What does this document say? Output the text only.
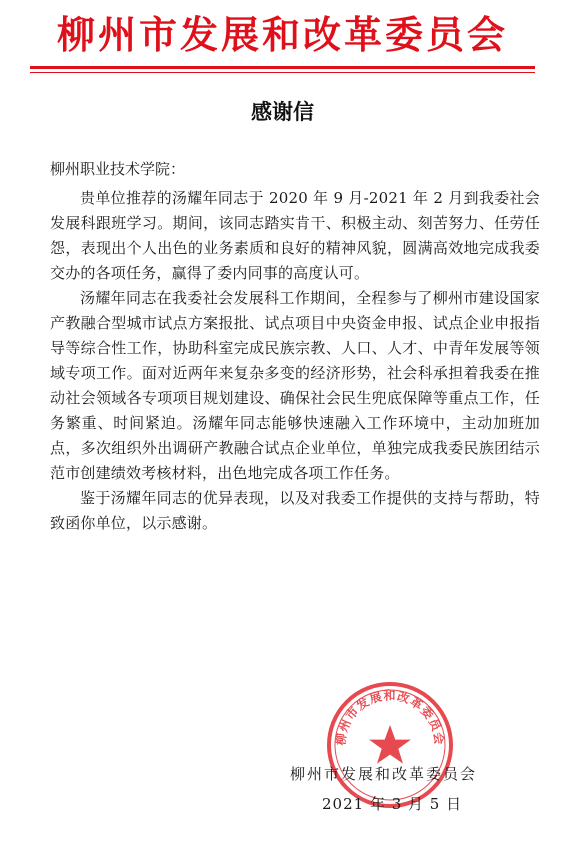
柳州市发展和改革委员会
感谢信

柳州职业技术学院：

贵单位推荐的汤耀年同志于 2020 年 9 月-2021 年 2 月到我委社会发展科跟班学习。期间，该同志踏实肯干、积极主动、刻苦努力、任劳任怨，表现出个人出色的业务素质和良好的精神风貌，圆满高效地完成我委交办的各项任务，赢得了委内同事的高度认可。

汤耀年同志在我委社会发展科工作期间，全程参与了柳州市建设国家产教融合型城市试点方案报批、试点项目中央资金申报、试点企业申报指导等综合性工作，协助科室完成民族宗教、人口、人才、中青年发展等领域专项工作。面对近两年来复杂多变的经济形势，社会科承担着我委在推动社会领域各专项项目规划建设、确保社会民生兜底保障等重点工作，任务繁重、时间紧迫。汤耀年同志能够快速融入工作环境中，主动加班加点，多次组织外出调研产教融合试点企业单位，单独完成我委民族团结示范市创建绩效考核材料，出色地完成各项工作任务。

鉴于汤耀年同志的优异表现，以及对我委工作提供的支持与帮助，特致函你单位，以示感谢。

柳州市发展和改革委员会

柳州市发展和改革委员会

2021 年 3 月 5 日
